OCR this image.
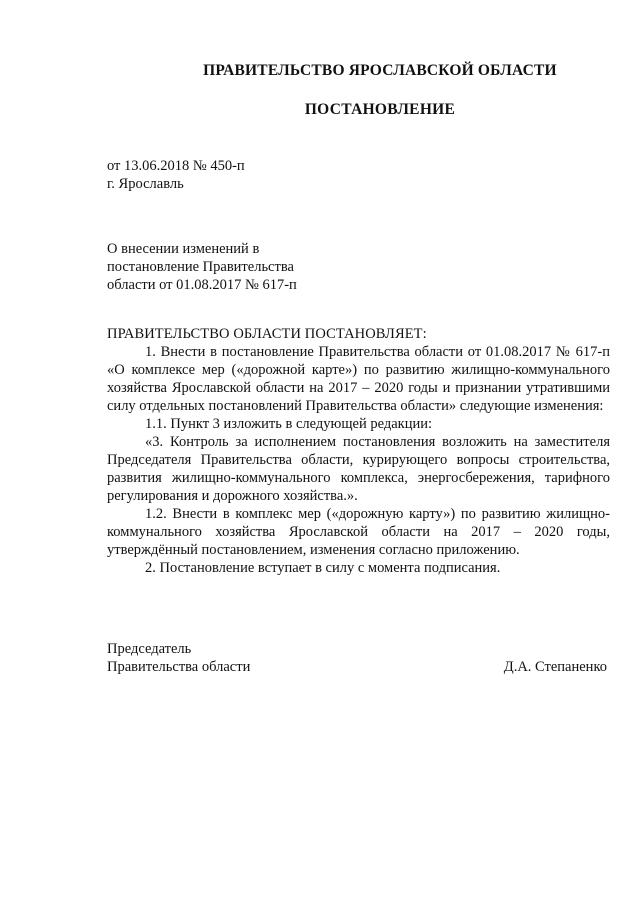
ПРАВИТЕЛЬСТВО ЯРОСЛАВСКОЙ ОБЛАСТИ
ПОСТАНОВЛЕНИЕ
от 13.06.2018 № 450-п
г. Ярославль
О внесении изменений в
постановление Правительства
области от 01.08.2017 № 617-п

ПРАВИТЕЛЬСТВО ОБЛАСТИ ПОСТАНОВЛЯЕТ:

1. Внести в постановление Правительства области от 01.08.2017 № 617-п «О комплексе мер («дорожной карте») по развитию жилищно-коммунального хозяйства Ярославской области на 2017 – 2020 годы и признании утратившими силу отдельных постановлений Правительства области» следующие изменения:

1.1. Пункт 3 изложить в следующей редакции:

«3. Контроль за исполнением постановления возложить на заместителя Председателя Правительства области, курирующего вопросы строительства, развития жилищно-коммунального комплекса, энергосбережения, тарифного регулирования и дорожного хозяйства.».

1.2. Внести в комплекс мер («дорожную карту») по развитию жилищно-коммунального хозяйства Ярославской области на 2017 – 2020 годы, утверждённый постановлением, изменения согласно приложению.

2. Постановление вступает в силу с момента подписания.

Председатель
Правительства области	Д.А. Степаненко
